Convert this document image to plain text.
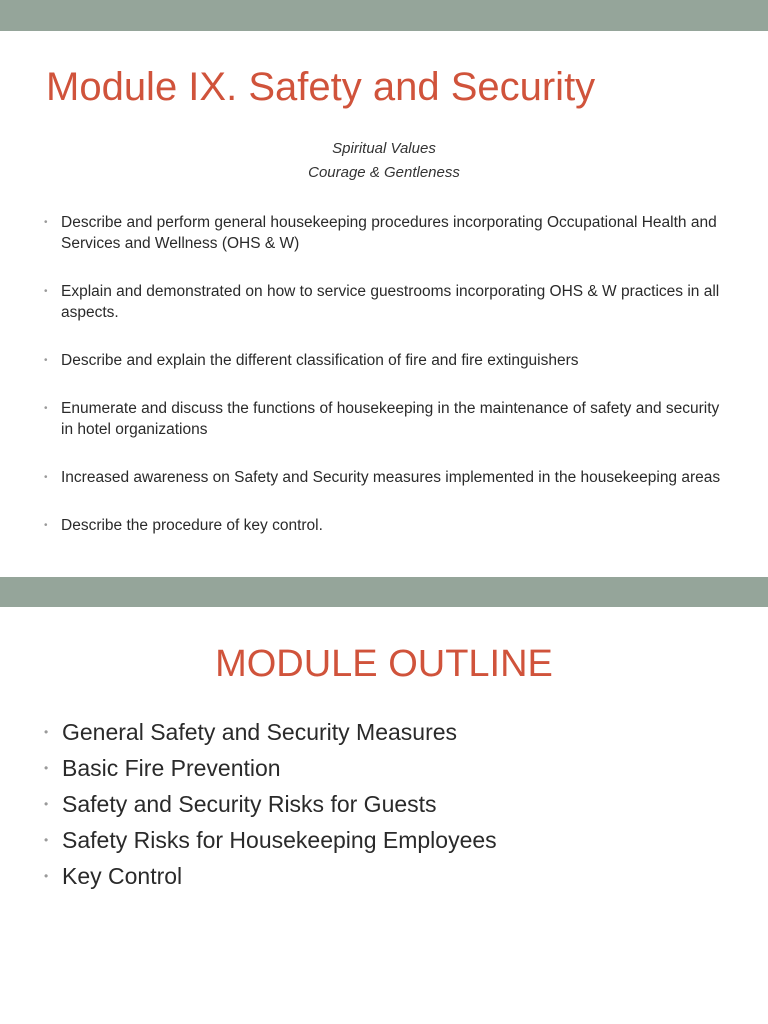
Module IX. Safety and Security
Spiritual Values
Courage & Gentleness
• Describe and perform general housekeeping procedures incorporating Occupational Health and Services and Wellness (OHS & W)
• Explain and demonstrated on how to service guestrooms incorporating OHS & W practices in all aspects.
• Describe and explain the different classification of fire and fire extinguishers
• Enumerate and discuss the functions of housekeeping in the maintenance of safety and security in hotel organizations
• Increased awareness on Safety and Security measures implemented in the housekeeping areas
• Describe the procedure of key control.
MODULE OUTLINE
• General Safety and Security Measures
• Basic Fire Prevention
• Safety and Security Risks for Guests
• Safety Risks for Housekeeping Employees
• Key Control
